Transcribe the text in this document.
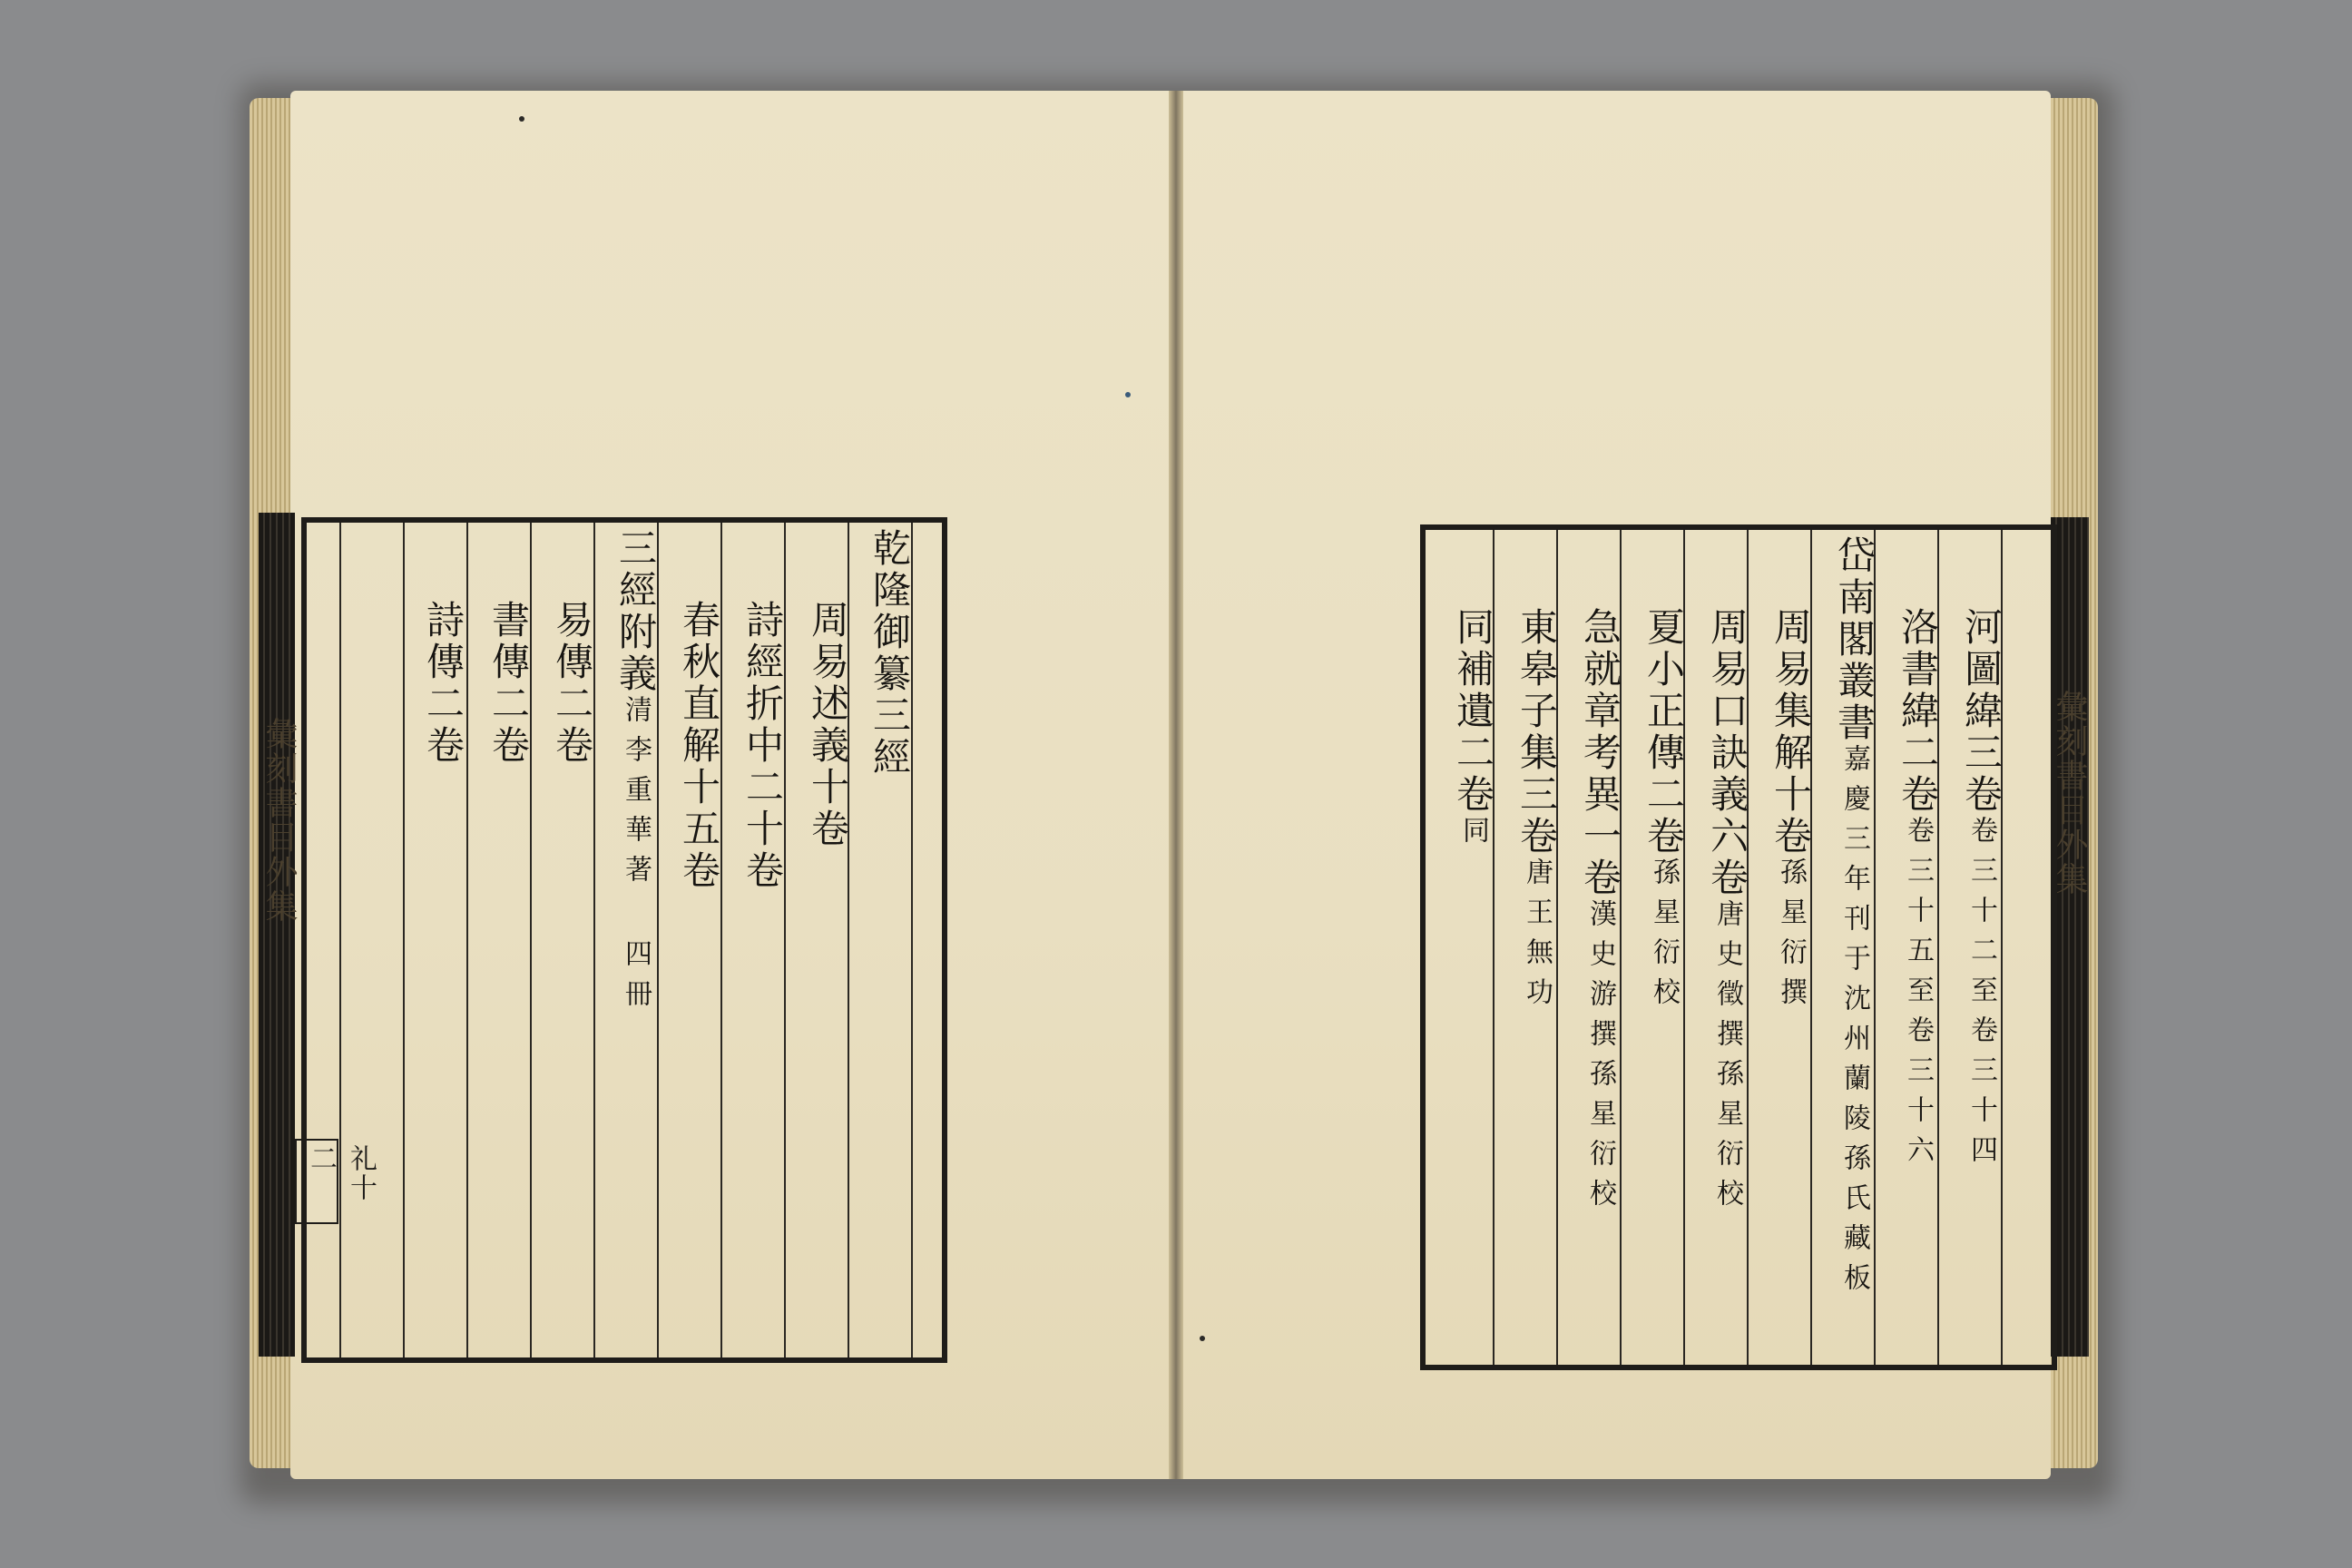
彙刻書目外集
礼十二
彙刻書目外集
乾隆御纂三經
周易述義十卷
詩經折中二十卷
春秋直解十五卷
三經附義清李重華著 四冊
易傳二卷
書傳二卷
詩傳二卷	河圖緯三卷卷三十二至卷三十四
洛書緯二卷卷三十五至卷三十六
岱南閣叢書嘉慶三年刊于沈州蘭陵孫氏藏板
周易集解十卷孫星衍撰
周易口訣義六卷唐史徵撰孫星衍校
夏小正傳二卷孫星衍校
急就章考異一卷漢史游撰孫星衍校
東皋子集三卷唐王無功
同補遺二卷同
